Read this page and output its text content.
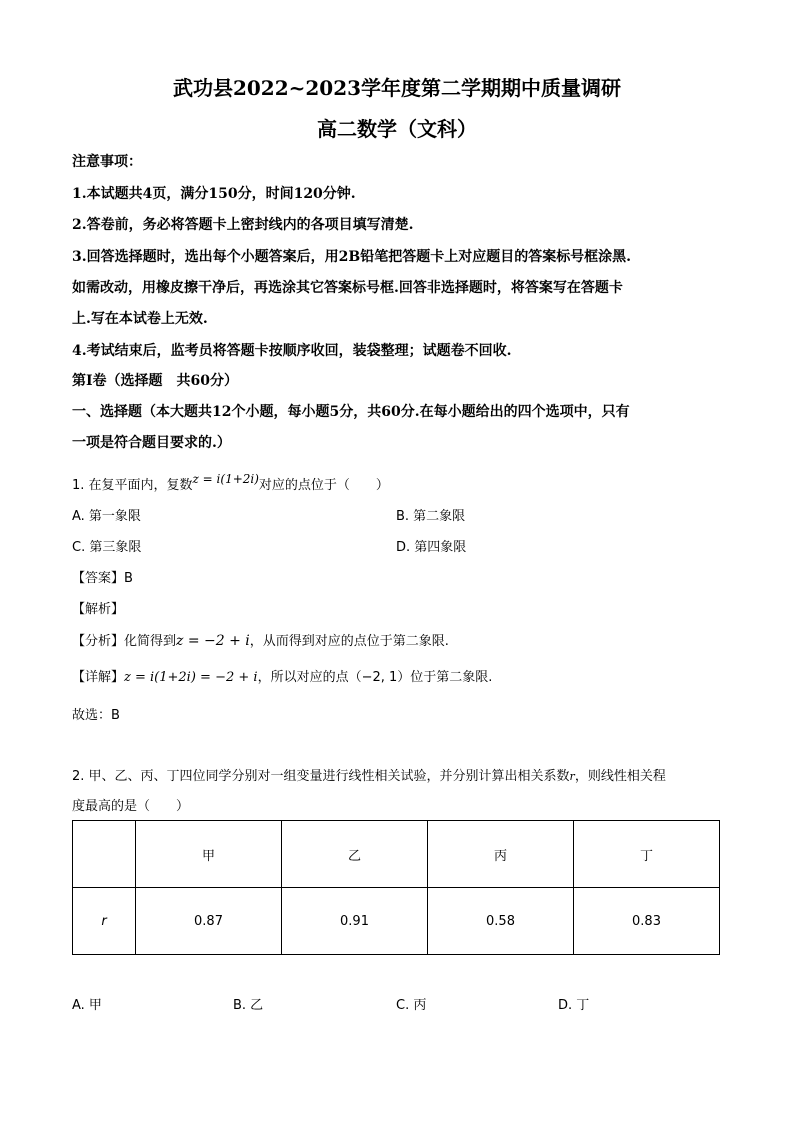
武功县2022~2023学年度第二学期期中质量调研
高二数学（文科）
注意事项：
1.本试题共4页，满分150分，时间120分钟.
2.答卷前，务必将答题卡上密封线内的各项目填写清楚.
3.回答选择题时，选出每个小题答案后，用2B铅笔把答题卡上对应题目的答案标号框涂黑.
如需改动，用橡皮擦干净后，再选涂其它答案标号框.回答非选择题时，将答案写在答题卡
上.写在本试卷上无效.
4.考试结束后，监考员将答题卡按顺序收回，装袋整理；试题卷不回收.
第Ⅰ卷（选择题　共60分）
一、选择题（本大题共12个小题，每小题5分，共60分.在每小题给出的四个选项中，只有
一项是符合题目要求的.）
1. 在复平面内，复数z = i(1+2i)对应的点位于（　　）
A. 第一象限	B. 第二象限
C. 第三象限	D. 第四象限
【答案】B
【解析】
【分析】化简得到z = −2 + i，从而得到对应的点位于第二象限.
【详解】z = i(1+2i) = −2 + i，所以对应的点（−2, 1）位于第二象限.
故选：B
2. 甲、乙、丙、丁四位同学分别对一组变量进行线性相关试验，并分别计算出相关系数r，则线性相关程
度最高的是（　　）
	甲	乙	丙	丁
r	0.87	0.91	0.58	0.83
A. 甲	B. 乙	C. 丙	D. 丁
